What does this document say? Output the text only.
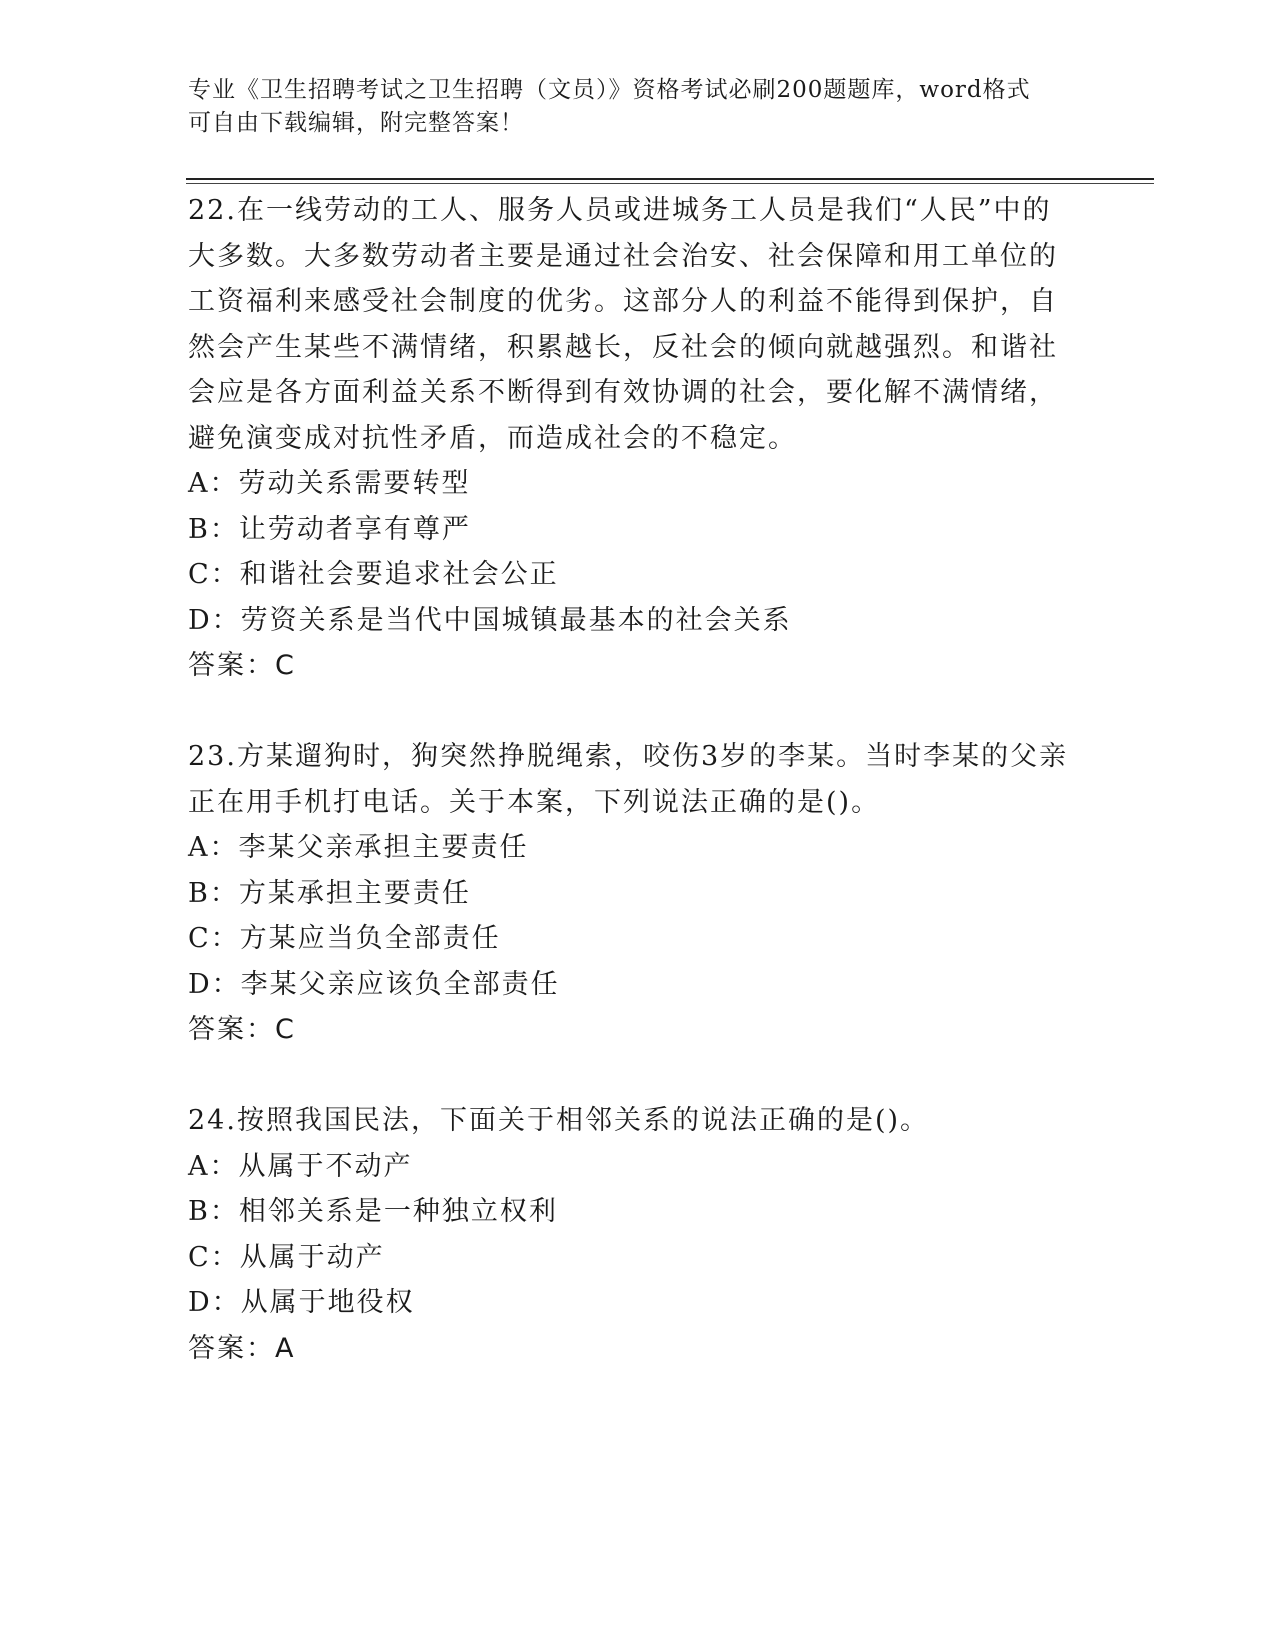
专业《卫生招聘考试之卫生招聘（文员）》资格考试必刷200题题库，word格式
可自由下载编辑，附完整答案！
22.在一线劳动的工人、服务人员或进城务工人员是我们“人民”中的
大多数。大多数劳动者主要是通过社会治安、社会保障和用工单位的
工资福利来感受社会制度的优劣。这部分人的利益不能得到保护，自
然会产生某些不满情绪，积累越长，反社会的倾向就越强烈。和谐社
会应是各方面利益关系不断得到有效协调的社会，要化解不满情绪，
避免演变成对抗性矛盾，而造成社会的不稳定。
A：劳动关系需要转型
B：让劳动者享有尊严
C：和谐社会要追求社会公正
D：劳资关系是当代中国城镇最基本的社会关系
答案：C
23.方某遛狗时，狗突然挣脱绳索，咬伤3岁的李某。当时李某的父亲
正在用手机打电话。关于本案，下列说法正确的是()。
A：李某父亲承担主要责任
B：方某承担主要责任
C：方某应当负全部责任
D：李某父亲应该负全部责任
答案：C
24.按照我国民法，下面关于相邻关系的说法正确的是()。
A：从属于不动产
B：相邻关系是一种独立权利
C：从属于动产
D：从属于地役权
答案：A
